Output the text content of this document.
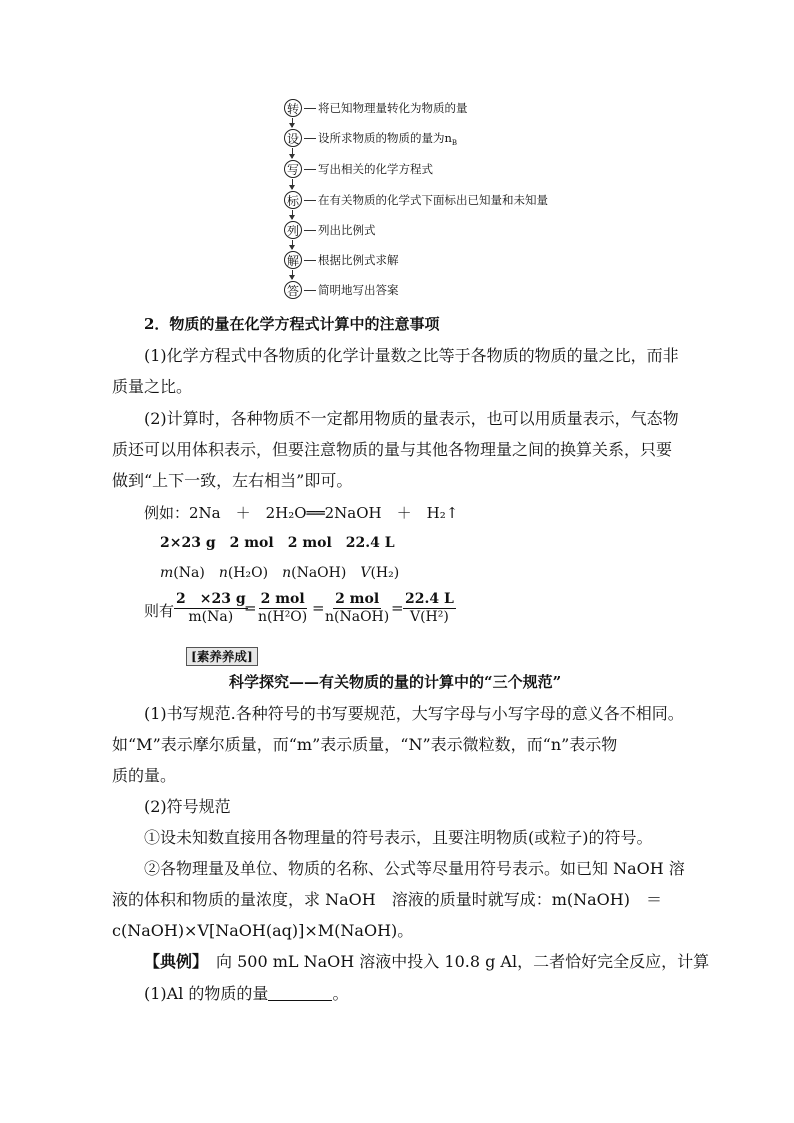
转 将已知物理量转化为物质的量
设 设所求物质的物质的量为$n_B$
写 写出相关的化学方程式
标 在有关物质的化学式下面标出已知量和未知量
列 列出比例式
解 根据比例式求解
答 简明地写出答案
2．物质的量在化学方程式计算中的注意事项
(1)化学方程式中各物质的化学计量数之比等于各物质的物质的量之比，而非
质量之比。
(2)计算时，各种物质不一定都用物质的量表示，也可以用质量表示，气态物
质还可以用体积表示，但要注意物质的量与其他各物理量之间的换算关系，只要
做到“上下一致，左右相当”即可。
例如：2Na　＋　2H₂O══2NaOH　＋　H₂↑
2×23 g　2 mol　2 mol　22.4 L
m(Na)　n(H₂O)　n(NaOH)　V(H₂)
则有 $\frac{2 \times 23 g}{m(Na)}$
= 2 mol
n(H²O) = 2 mol
n(NaOH) = $\frac{22.4 L}{\text{V(H²)}}$
[素养养成]
科学探究——有关物质的量的计算中的“三个规范”
(1)书写规范.各种符号的书写要规范，大写字母与小写字母的意义各不相同。
如“M”表示摩尔质量，而“m”表示质量，“N”表示微粒数，而“n”表示物
质的量。
(2)符号规范
①设未知数直接用各物理量的符号表示，且要注明物质(或粒子)的符号。
②各物理量及单位、物质的名称、公式等尽量用符号表示。如已知 NaOH 溶
液的体积和物质的量浓度，求 NaOH　溶液的质量时就写成：m(NaOH)　＝
c(NaOH)×V[NaOH(aq)]×M(NaOH)。
【典例】　向 500 mL NaOH 溶液中投入 10.8 g Al，二者恰好完全反应，计算
(1)Al 的物质的量	。
